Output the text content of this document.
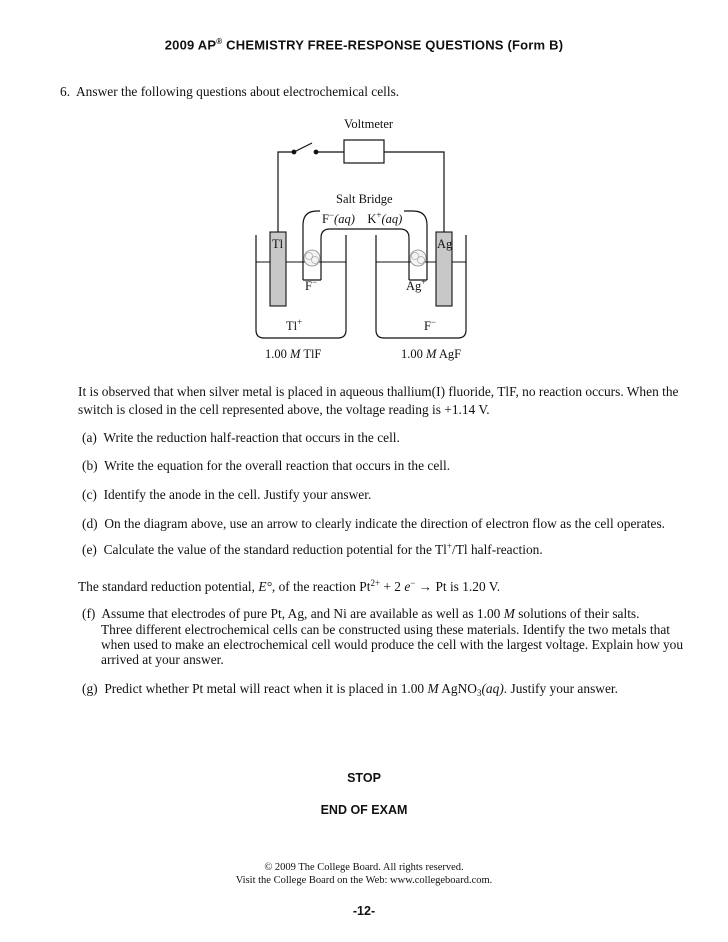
2009 AP® CHEMISTRY FREE-RESPONSE QUESTIONS (Form B)
6. Answer the following questions about electrochemical cells.
Voltmeter
Salt Bridge
F−(aq) K+(aq)
Tl	Ag
F−	Ag+
Tl+	F−
1.00 M TlF	1.00 M AgF
It is observed that when silver metal is placed in aqueous thallium(I) fluoride, TlF, no reaction occurs. When the
switch is closed in the cell represented above, the voltage reading is +1.14 V.
(a) Write the reduction half-reaction that occurs in the cell.
(b) Write the equation for the overall reaction that occurs in the cell.
(c) Identify the anode in the cell. Justify your answer.
(d) On the diagram above, use an arrow to clearly indicate the direction of electron flow as the cell operates.
(e) Calculate the value of the standard reduction potential for the Tl+/Tl half-reaction.
The standard reduction potential, E°, of the reaction $Pt^{2+} + 2$ e− → Pt is 1.20 V.
(f) Assume that electrodes of pure Pt, Ag, and Ni are available as well as 1.00 M solutions of their salts.
Three different electrochemical cells can be constructed using these materials. Identify the two metals that
when used to make an electrochemical cell would produce the cell with the largest voltage. Explain how you
arrived at your answer.
(g) Predict whether Pt metal will react when it is placed in 1.00 M AgNO$_3$(aq). Justify your answer.
STOP
END OF EXAM
© 2009 The College Board. All rights reserved.
Visit the College Board on the Web: www.collegeboard.com.
-12-
